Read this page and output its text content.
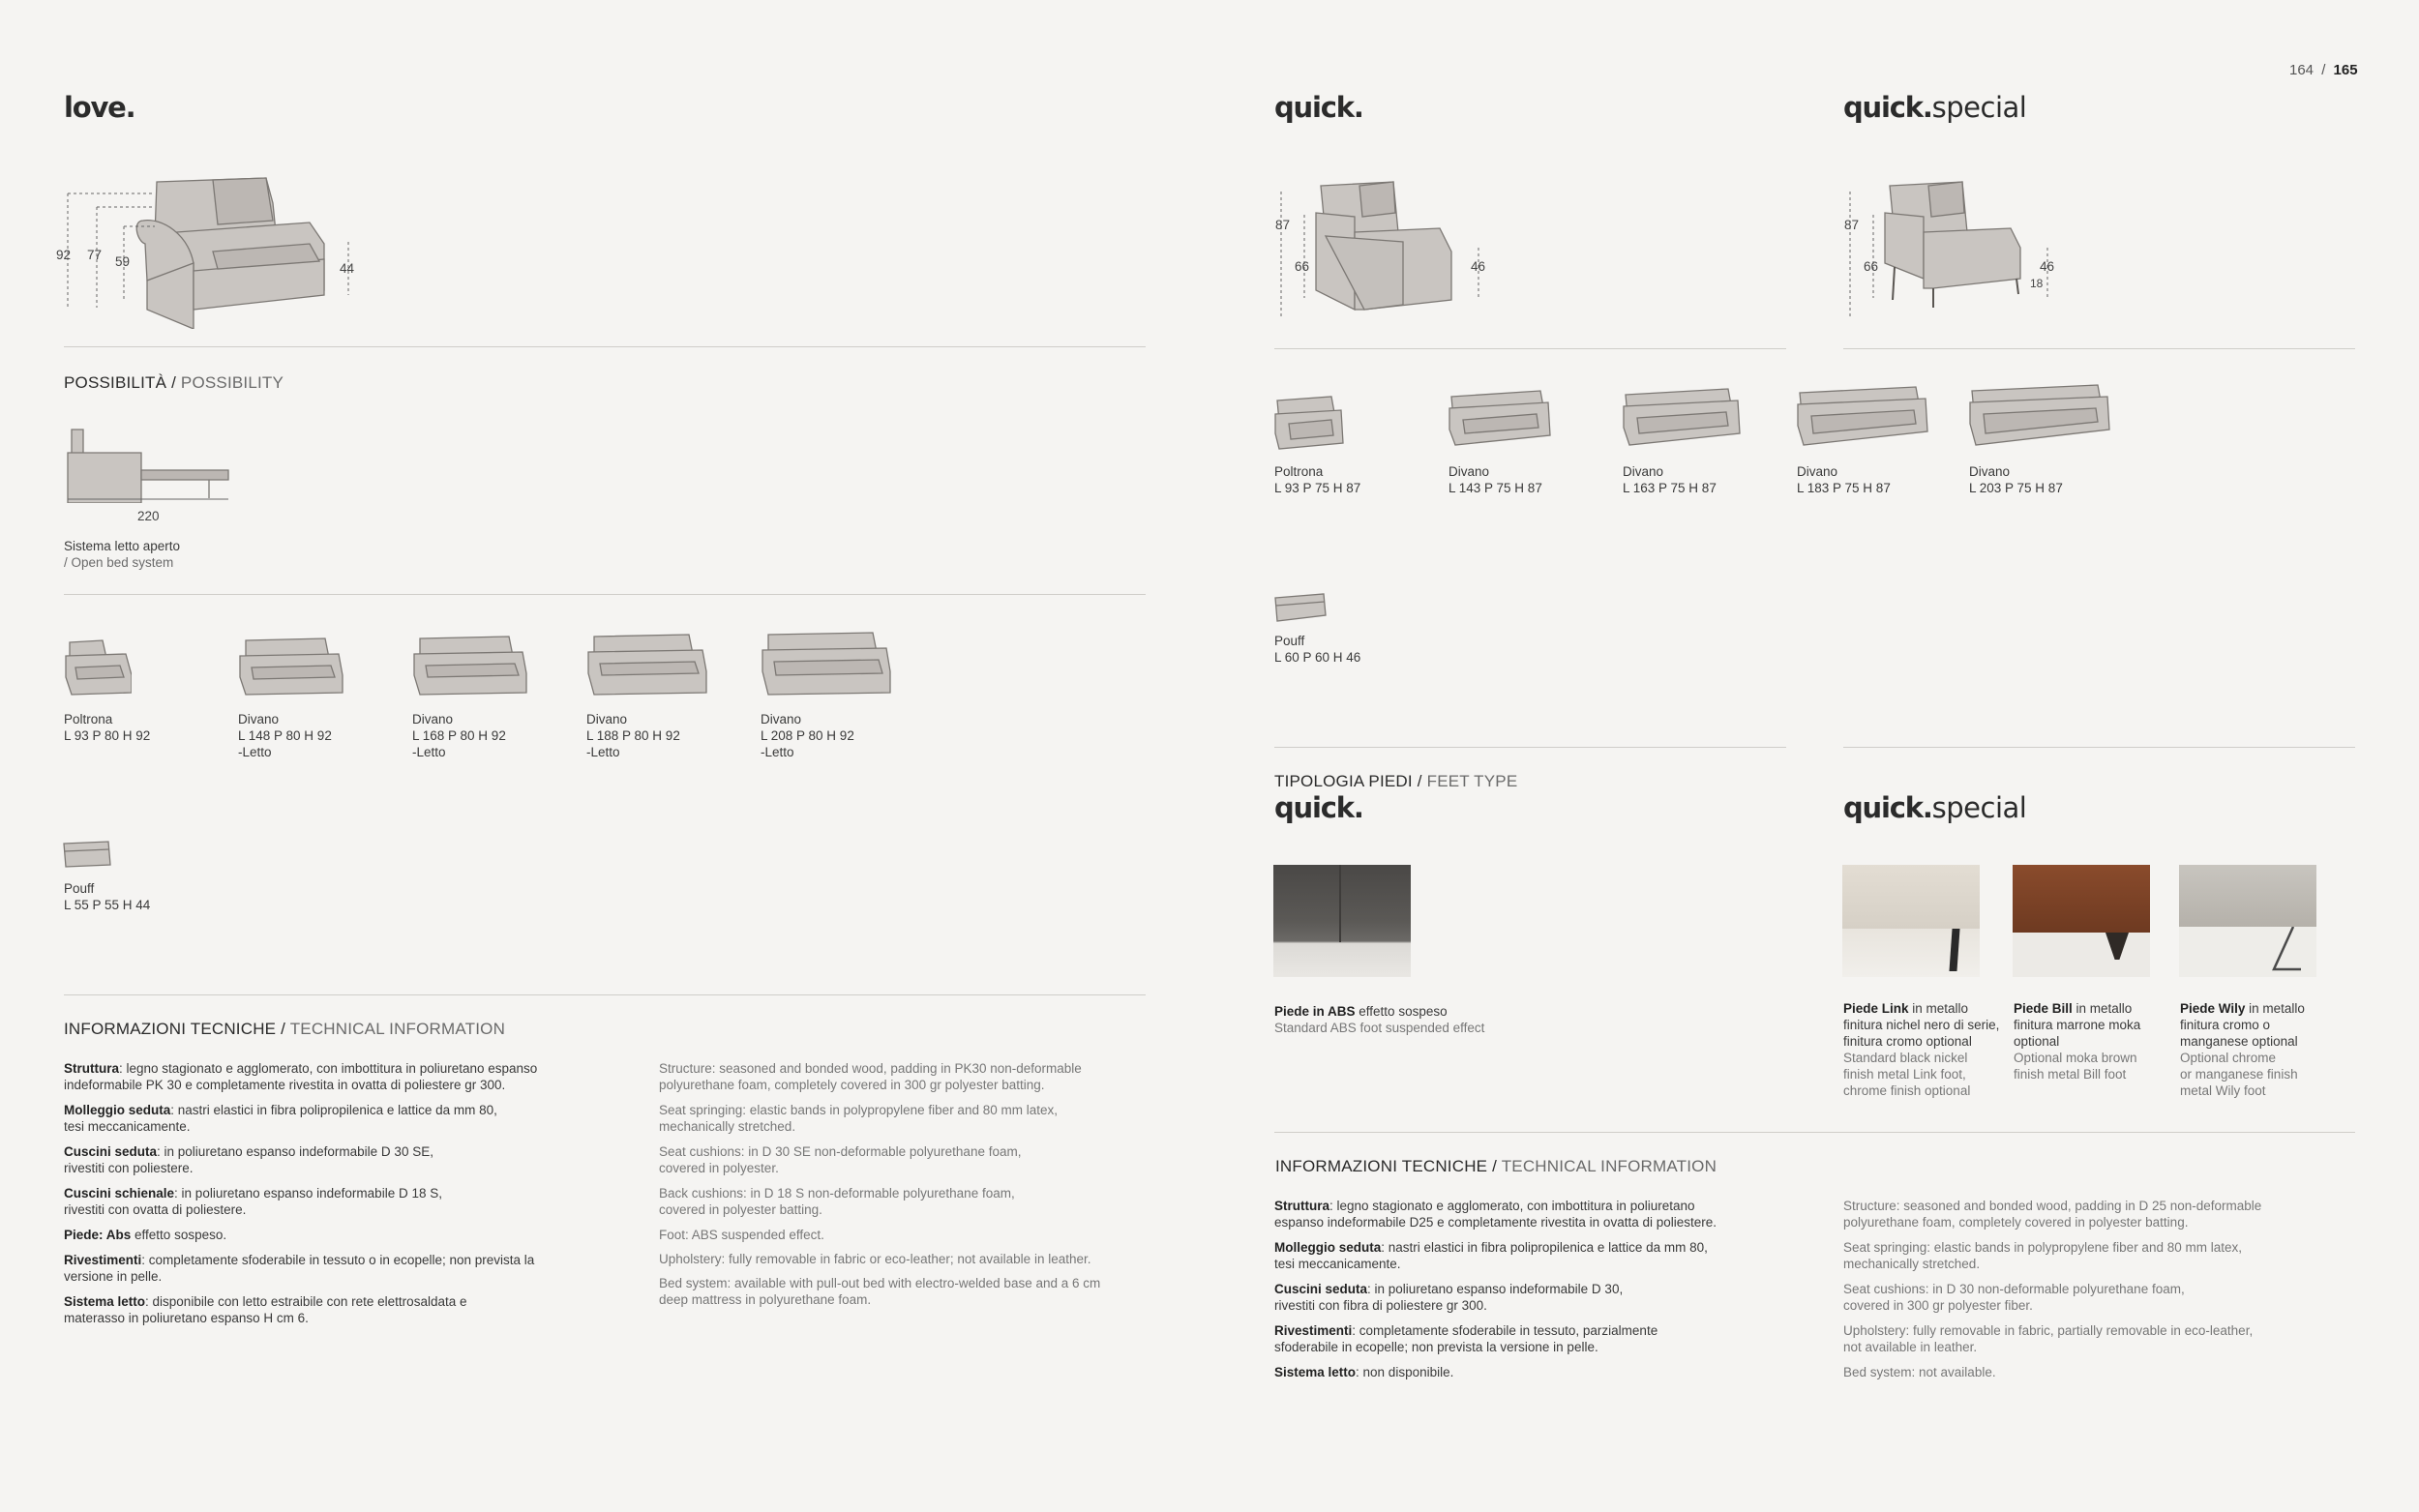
164 / 165
love.
92 77 59	44
POSSIBILITÀ / POSSIBILITY
220
Sistema letto aperto
/ Open bed system
Poltrona
L 93 P 80 H 92
Divano
L 148 P 80 H 92
-Letto
Divano
L 168 P 80 H 92
-Letto
Divano
L 188 P 80 H 92
-Letto
Divano
L 208 P 80 H 92
-Letto
Pouff
L 55 P 55 H 44
INFORMAZIONI TECNICHE / TECHNICAL INFORMATION

Struttura: legno stagionato e agglomerato, con imbottitura in poliuretano espanso
indeformabile PK 30 e completamente rivestita in ovatta di poliestere gr 300.

Molleggio seduta: nastri elastici in fibra polipropilenica e lattice da mm 80,
tesi meccanicamente.

Cuscini seduta: in poliuretano espanso indeformabile D 30 SE,
rivestiti con poliestere.

Cuscini schienale: in poliuretano espanso indeformabile D 18 S,
rivestiti con ovatta di poliestere.

Piede: Abs effetto sospeso.

Rivestimenti: completamente sfoderabile in tessuto o in ecopelle; non prevista la
versione in pelle.

Sistema letto: disponibile con letto estraibile con rete elettrosaldata e
materasso in poliuretano espanso H cm 6.

Structure: seasoned and bonded wood, padding in PK30 non-deformable
polyurethane foam, completely covered in 300 gr polyester batting.

Seat springing: elastic bands in polypropylene fiber and 80 mm latex,
mechanically stretched.

Seat cushions: in D 30 SE non-deformable polyurethane foam,
covered in polyester.

Back cushions: in D 18 S non-deformable polyurethane foam,
covered in polyester batting.

Foot: ABS suspended effect.

Upholstery: fully removable in fabric or eco-leather; not available in leather.

Bed system: available with pull-out bed with electro-welded base and a 6 cm
deep mattress in polyurethane foam.

quick.	quick.special
87
66	46
87
66	46
18
Poltrona
L 93 P 75 H 87
Divano
L 143 P 75 H 87
Divano
L 163 P 75 H 87
Divano
L 183 P 75 H 87
Divano
L 203 P 75 H 87
Pouff
L 60 P 60 H 46
TIPOLOGIA PIEDI / FEET TYPE
quick.	quick.special
Piede in ABS effetto sospeso
Standard ABS foot suspended effect
Piede Link in metallo
finitura nichel nero di serie,
finitura cromo optional
Standard black nickel
finish metal Link foot,
chrome finish optional
Piede Bill in metallo
finitura marrone moka
optional
Optional moka brown
finish metal Bill foot
Piede Wily in metallo
finitura cromo o
manganese optional
Optional chrome
or manganese finish
metal Wily foot
INFORMAZIONI TECNICHE / TECHNICAL INFORMATION

Struttura: legno stagionato e agglomerato, con imbottitura in poliuretano
espanso indeformabile D25 e completamente rivestita in ovatta di poliestere.

Molleggio seduta: nastri elastici in fibra polipropilenica e lattice da mm 80,
tesi meccanicamente.

Cuscini seduta: in poliuretano espanso indeformabile D 30,
rivestiti con fibra di poliestere gr 300.

Rivestimenti: completamente sfoderabile in tessuto, parzialmente
sfoderabile in ecopelle; non prevista la versione in pelle.

Sistema letto: non disponibile.

Structure: seasoned and bonded wood, padding in D 25 non-deformable
polyurethane foam, completely covered in polyester batting.

Seat springing: elastic bands in polypropylene fiber and 80 mm latex,
mechanically stretched.

Seat cushions: in D 30 non-deformable polyurethane foam,
covered in 300 gr polyester fiber.

Upholstery: fully removable in fabric, partially removable in eco-leather,
not available in leather.

Bed system: not available.
